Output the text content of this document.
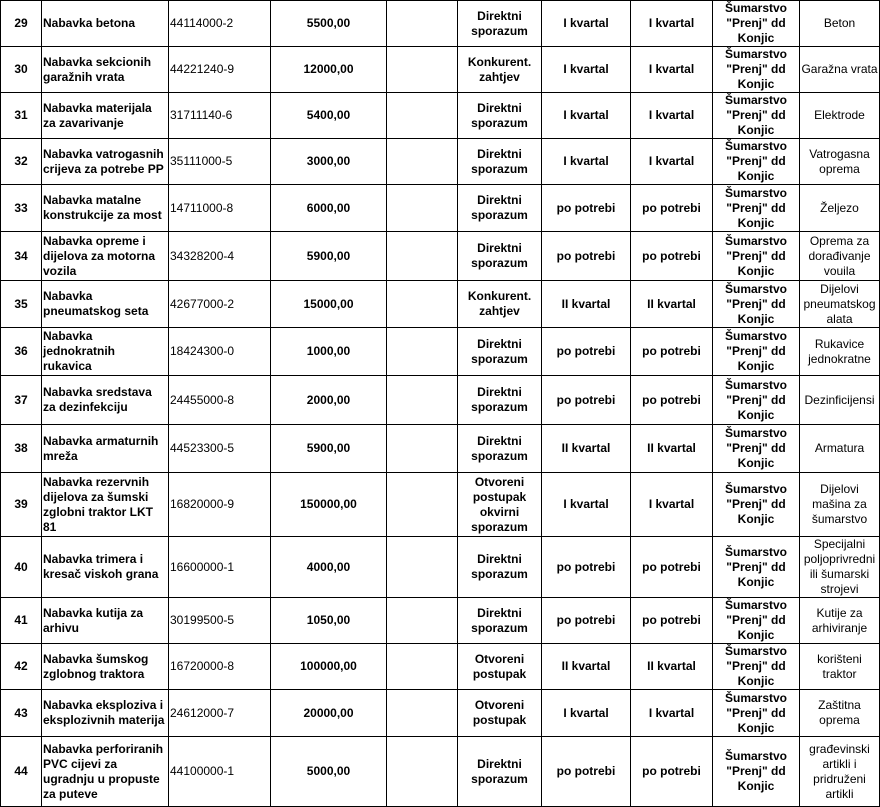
29	Nabavka betona	44114000-2	5500,00		Direktni sporazum	I kvartal	I kvartal	Šumarstvo "Prenj" dd Konjic	Beton
30	Nabavka sekcionih garažnih vrata	44221240-9	12000,00		Konkurent. zahtjev	I kvartal	I kvartal	Šumarstvo "Prenj" dd Konjic	Garažna vrata
31	Nabavka materijala za zavarivanje	31711140-6	5400,00		Direktni sporazum	I kvartal	I kvartal	Šumarstvo "Prenj" dd Konjic	Elektrode
32	Nabavka vatrogasnih crijeva za potrebe PP	35111000-5	3000,00		Direktni sporazum	I kvartal	I kvartal	Šumarstvo "Prenj" dd Konjic	Vatrogasna oprema
33	Nabavka matalne konstrukcije za most	14711000-8	6000,00		Direktni sporazum	po potrebi	po potrebi	Šumarstvo "Prenj" dd Konjic	Željezo
34	Nabavka opreme i dijelova za motorna vozila	34328200-4	5900,00		Direktni sporazum	po potrebi	po potrebi	Šumarstvo "Prenj" dd Konjic	Oprema za dorađivanje vouila
35	Nabavka pneumatskog seta	42677000-2	15000,00		Konkurent. zahtjev	II kvartal	II kvartal	Šumarstvo "Prenj" dd Konjic	Dijelovi pneumatskog alata
36	Nabavka jednokratnih rukavica	18424300-0	1000,00		Direktni sporazum	po potrebi	po potrebi	Šumarstvo "Prenj" dd Konjic	Rukavice jednokratne
37	Nabavka sredstava za dezinfekciju	24455000-8	2000,00		Direktni sporazum	po potrebi	po potrebi	Šumarstvo "Prenj" dd Konjic	Dezinficijensi
38	Nabavka armaturnih mreža	44523300-5	5900,00		Direktni sporazum	II kvartal	II kvartal	Šumarstvo "Prenj" dd Konjic	Armatura
39	Nabavka rezervnih dijelova za šumski zglobni traktor LKT 81	16820000-9	150000,00		Otvoreni postupak okvirni sporazum	I kvartal	I kvartal	Šumarstvo "Prenj" dd Konjic	Dijelovi mašina za šumarstvo
40	Nabavka trimera i kresač viskoh grana	16600000-1	4000,00		Direktni sporazum	po potrebi	po potrebi	Šumarstvo "Prenj" dd Konjic	Specijalni poljoprivredni ili šumarski strojevi
41	Nabavka kutija za arhivu	30199500-5	1050,00		Direktni sporazum	po potrebi	po potrebi	Šumarstvo "Prenj" dd Konjic	Kutije za arhiviranje
42	Nabavka šumskog zglobnog traktora	16720000-8	100000,00		Otvoreni postupak	II kvartal	II kvartal	Šumarstvo "Prenj" dd Konjic	korišteni traktor
43	Nabavka eksploziva i eksplozivnih materija	24612000-7	20000,00		Otvoreni postupak	I kvartal	I kvartal	Šumarstvo "Prenj" dd Konjic	Zaštitna oprema
44	Nabavka perforiranih PVC cijevi za ugradnju u propuste za puteve	44100000-1	5000,00		Direktni sporazum	po potrebi	po potrebi	Šumarstvo "Prenj" dd Konjic	građevinski artikli i pridruženi artikli
